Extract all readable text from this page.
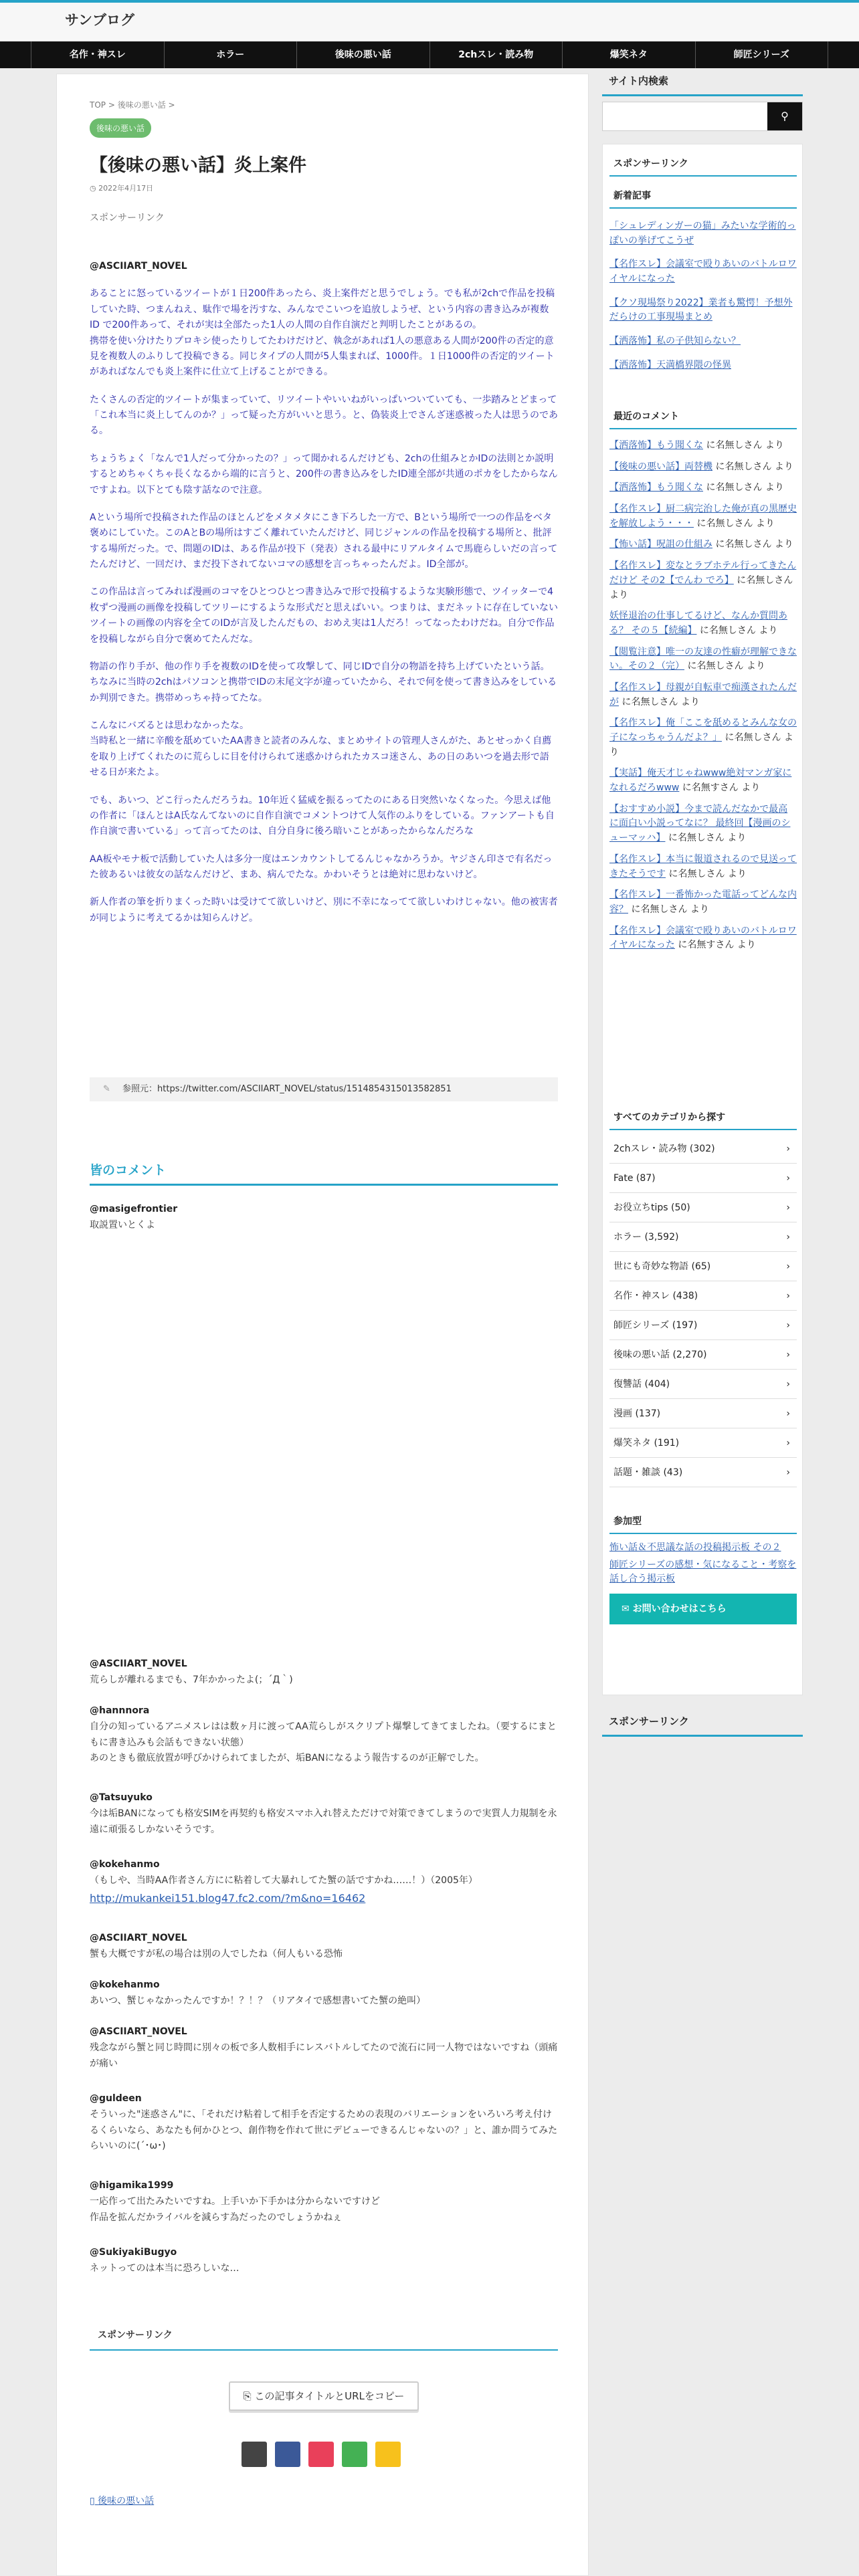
サンブログ
名作・神スレ	ホラー	後味の悪い話	2chスレ・読み物	爆笑ネタ	師匠シリーズ
TOP > 後味の悪い話 >
後味の悪い話
【後味の悪い話】炎上案件
◷ 2022年4月17日
スポンサーリンク

@ASCIIART_NOVEL

あることに怒っているツイートが１日200件あったら、炎上案件だと思うでしょう。でも私が2chで作品を投稿していた時、つまんねえ、駄作で場を汚すな、みんなでこいつを追放しようぜ、という内容の書き込みが複数ID で200件あって、それが実は全部たった1人の人間の自作自演だと判明したことがあるの。

携帯を使い分けたりプロキシ使ったりしてたわけだけど、執念があれば1人の悪意ある人間が200件の否定的意見を複数人のふりして投稿できる。同じタイプの人間が5人集まれば、1000件。１日1000件の否定的ツイートがあればなんでも炎上案件に仕立て上げることができる。

たくさんの否定的ツイートが集まっていて、リツイートやいいねがいっぱいついていても、一歩踏みとどまって「これ本当に炎上してんのか？」って疑った方がいいと思う。と、偽装炎上でさんざ迷惑被った人は思うのである。

ちょうちょく「なんで1人だって分かったの？」って聞かれるんだけども、2chの仕組みとかIDの法則とか説明するとめちゃくちゃ長くなるから端的に言うと、200件の書き込みをしたID連全部が共通のポカをしたからなんですよね。以下とても陰す話なので注意。

Aという場所で投稿された作品のほとんどをメタメタにこき下ろした一方で、Bという場所で一つの作品をベタ褒めにしていた。このAとBの場所はすごく離れていたんだけど、同じジャンルの作品を投稿する場所と、批評する場所だった。で、問題のIDは、ある作品が投下（発表）される最中にリアルタイムで馬鹿らしいだの言ってたんだけど、一回だけ、まだ投下されてないコマの感想を言っちゃったんだよ。ID全部が。

この作品は言ってみれば漫画のコマをひとつひとつ書き込みで形で投稿するような実験形態で、ツイッターで4枚ずつ漫画の画像を投稿してツリーにするような形式だと思えばいい。つまりは、まだネットに存在していないツイートの画像の内容を全てのIDが言及したんだもの、おめえ実は1人だろ！ってなったわけだね。自分で作品を投稿しながら自分で褒めてたんだな。

物語の作り手が、他の作り手を複数のIDを使って攻撃して、同じIDで自分の物語を持ち上げていたという話。ちなみに当時の2chはパソコンと携帯でIDの末尾文字が違っていたから、それで何を使って書き込みをしているか判別できた。携帯めっちゃ持ってたな。

こんなにバズるとは思わなかったな。
当時私と一緒に辛酸を舐めていたAA書きと読者のみんな、まとめサイトの管理人さんがた、あとせっかく自薦を取り上げてくれたのに荒らしに目を付けられて迷惑かけられたカスコ迷さん、あの日のあいつを過去形で語せる日が来たよ。

でも、あいつ、どこ行ったんだろうね。10年近く猛威を振るってたのにある日突然いなくなった。今思えば他の作者に「ほんとはA氏なんてないのに自作自演でコメントつけて人気作のふりをしている。ファンアートも自作自演で書いている」って言ってたのは、自分自身に後ろ暗いことがあったからなんだろな

AA板やモナ板で活動していた人は多分一度はエンカウントしてるんじゃなかろうか。ヤジさん印さで有名だった彼あるいは彼女の話なんだけど、まあ、病んでたな。かわいそうとは絶対に思わないけど。

新人作者の筆を折りまくった時いは受けてて欲しいけど、別に不幸になってて欲しいわけじゃない。他の被害者が同じように考えてるかは知らんけど。

✎ 参照元：https://twitter.com/ASCIIART_NOVEL/status/1514854315013582851
皆のコメント
@masigefrontier
取説置いとくよ
@ASCIIART_NOVEL
荒らしが離れるまでも、7年かかったよ(；´Д｀)
@hannnora
自分の知っているアニメスレはは数ヶ月に渡ってAA荒らしがスクリプト爆撃してきてましたね。（要するにまともに書き込みも会話もできない状態）
あのときも徹底放置が呼びかけられてましたが、垢BANになるよう報告するのが正解でした。
@Tatsuyuko
今は垢BANになっても格安SIMを再契約も格安スマホ入れ替えただけで対策できてしまうので実質人力規制を永遠に頑張るしかないそうです。
@kokehanmo
（もしや、当時AA作者さん方にに粘着して大暴れしてた蟹の話ですかね……！）（2005年）
http://mukankei151.blog47.fc2.com/?m&no=16462
@ASCIIART_NOVEL
蟹も大概ですが私の場合は別の人でしたね（何人もいる恐怖
@kokehanmo
あいつ、蟹じゃなかったんですか！？！？（リアタイで感想書いてた蟹の絶叫）
@ASCIIART_NOVEL
残念ながら蟹と同じ時間に別々の板で多人数相手にレスバトルしてたので流石に同一人物ではないですね（頭痛が痛い
@guldeen
そういった"迷惑さん"に、「それだけ粘着して相手を否定するための表現のバリエーションをいろいろ考え付けるくらいなら、あなたも何かひとつ、創作物を作れて世にデビューできるんじゃないの？」と、誰か問うてみたらいいのに(´･ω･)
@higamika1999
一応作って出たみたいですね。上手いか下手かは分からないですけど
作品を拡んだかライバルを減らす為だったのでしょうかねぇ
@SukiyakiBugyo
ネットってのは本当に恐ろしいな…
スポンサーリンク
⎘ この記事タイトルとURLをコピー
▯ 後味の悪い話
サイト内検索
⚲
スポンサーリンク
新着記事
「シュレディンガーの猫」みたいな学術的っぽいの挙げてこうぜ
【名作スレ】会議室で殴りあいのバトルロワイヤルになった
【クソ現場祭り2022】業者も驚愕！予想外だらけの工事現場まとめ
【洒落怖】私の子供知らない？
【洒落怖】天満橋界隈の怪異
最近のコメント
【洒落怖】もう聞くな に名無しさん より
【後味の悪い話】両替機 に名無しさん より
【洒落怖】もう聞くな に名無しさん より
【名作スレ】厨二病完治した俺が真の黒歴史を解放しよう・・・ に名無しさん より
【怖い話】呪詛の仕組み に名無しさん より
【名作スレ】変なとラブホテル行ってきたんだけど その2【でんわ でろ】 に名無しさん より
妖怪退治の仕事してるけど、なんか質問ある？ その５【続編】 に名無しさん より
【閲覧注意】唯一の友達の性癖が理解できない。その２（完） に名無しさん より
【名作スレ】母親が自転車で痴漢されたんだが に名無しさん より
【名作スレ】俺「ここを舐めるとみんな女の子になっちゃうんだよ？」 に名無しさん より
【実話】俺天才じゃねwww絶対マンガ家になれるだろwww に名無すさん より
【おすすめ小説】今まで読んだなかで最高に面白い小説ってなに？ 最終回【漫画のシューマッハ】 に名無しさん より
【名作スレ】本当に報道されるので見送ってきたそうです に名無しさん より
【名作スレ】一番怖かった電話ってどんな内容？ に名無しさん より
【名作スレ】会議室で殴りあいのバトルロワイヤルになった に名無すさん より
すべてのカテゴリから探す
2chスレ・読み物 (302)	›
Fate (87)	›
お役立ちtips (50)	›
ホラー (3,592)	›
世にも奇妙な物語 (65)	›
名作・神スレ (438)	›
師匠シリーズ (197)	›
後味の悪い話 (2,270)	›
復讐話 (404)	›
漫画 (137)	›
爆笑ネタ (191)	›
話題・雑談 (43)	›
参加型
怖い話＆不思議な話の投稿掲示板 その２
師匠シリーズの感想・気になること・考察を話し合う掲示板
✉ お問い合わせはこちら
スポンサーリンク
